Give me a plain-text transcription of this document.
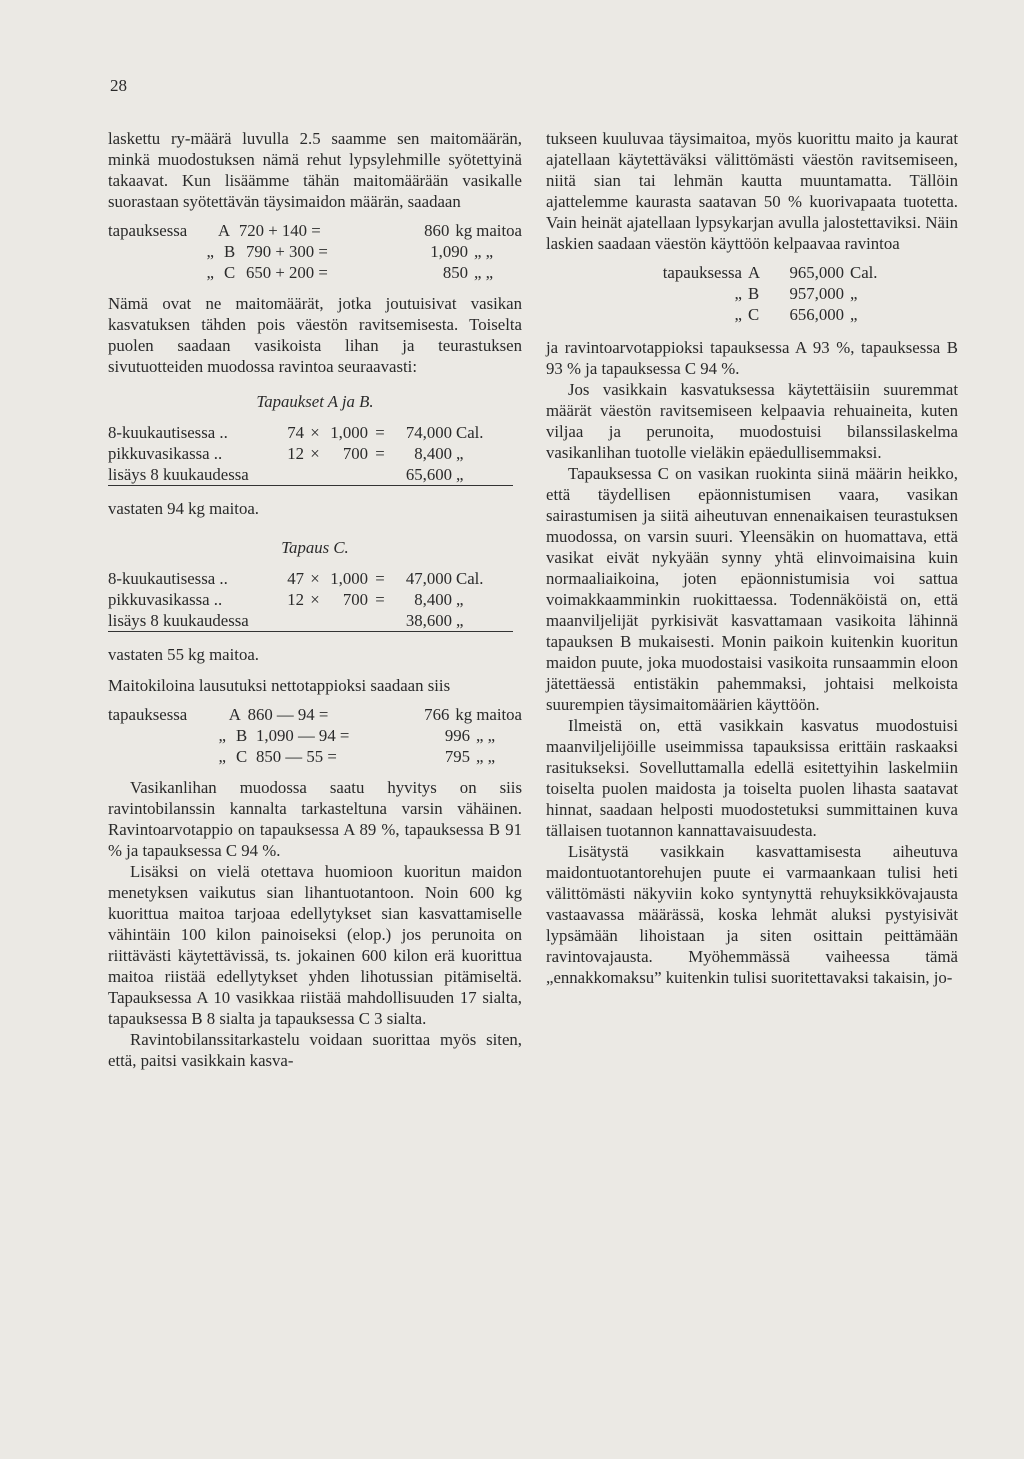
28

laskettu ry-määrä luvulla 2.5 saamme sen maitomäärän, minkä muodostuksen nämä rehut lypsylehmille syötettyinä takaavat. Kun lisäämme tähän maitomäärään vasikalle suorastaan syötettävän täysimaidon määrän, saadaan

tapauksessa	A 720 + 140 =	860 kg maitoa
„ B 790 + 300 =	1,090 „ „
„ C 650 + 200 =	850 „ „

Nämä ovat ne maitomäärät, jotka joutuisivat vasikan kasvatuksen tähden pois väestön ravitsemisesta. Toiselta puolen saadaan vasikoista lihan ja teurastuksen sivutuotteiden muodossa ravintoa seuraavasti:

Tapaukset A ja B.
8-kuukautisessa ..	74	×	1,000	=	74,000	Cal.
pikkuvasikassa ..	12	×	700	=	8,400	„
lisäys 8 kuukaudessa					65,600	„
vastaten 94 kg maitoa.						
Tapaus C.
8-kuukautisessa ..	47	×	1,000	=	47,000	Cal.
pikkuvasikassa ..	12	×	700	=	8,400	„
lisäys 8 kuukaudessa					38,600	„
vastaten 55 kg maitoa.						

Maitokiloina lausutuksi nettotappioksi saadaan siis

tapauksessa	A 860 — 94 =	766 kg maitoa
„ B 1,090 — 94 =	996 „ „
„ C 850 — 55 =	795 „ „

Vasikanlihan muodossa saatu hyvitys on siis ravintobilanssin kannalta tarkasteltuna varsin vähäinen. Ravintoarvotappio on tapauksessa A 89 %, tapauksessa B 91 % ja tapauksessa C 94 %.

Lisäksi on vielä otettava huomioon kuoritun maidon menetyksen vaikutus sian lihantuotantoon. Noin 600 kg kuorittua maitoa tarjoaa edellytykset sian kasvattamiselle vähintäin 100 kilon painoiseksi (elop.) jos perunoita on riittävästi käytettävissä, ts. jokainen 600 kilon erä kuorittua maitoa riistää edellytykset yhden lihotussian pitämiseltä. Tapauksessa A 10 vasikkaa riistää mahdollisuuden 17 sialta, tapauksessa B 8 sialta ja tapauksessa C 3 sialta.

Ravintobilanssitarkastelu voidaan suorittaa myös siten, että, paitsi vasikkain kasva-

tukseen kuuluvaa täysimaitoa, myös kuorittu maito ja kaurat ajatellaan käytettäväksi välittömästi väestön ravitsemiseen, niitä sian tai lehmän kautta muuntamatta. Tällöin ajattelemme kaurasta saatavan 50 % kuorivapaata tuotetta. Vain heinät ajatellaan lypsykarjan avulla jalostettaviksi. Näin laskien saadaan väestön käyttöön kelpaavaa ravintoa

tapauksessa A	965,000 Cal.
„ B	957,000 „
„ C	656,000 „

ja ravintoarvotappioksi tapauksessa A 93 %, tapauksessa B 93 % ja tapauksessa C 94 %.

Jos vasikkain kasvatuksessa käytettäisiin suuremmat määrät väestön ravitsemiseen kelpaavia rehuaineita, kuten viljaa ja perunoita, muodostuisi bilanssilaskelma vasikanlihan tuotolle vieläkin epäedullisemmaksi.

Tapauksessa C on vasikan ruokinta siinä määrin heikko, että täydellisen epäonnistumisen vaara, vasikan sairastumisen ja siitä aiheutuvan ennenaikaisen teurastuksen muodossa, on varsin suuri. Yleensäkin on huomattava, että vasikat eivät nykyään synny yhtä elinvoimaisina kuin normaaliaikoina, joten epäonnistumisia voi sattua voimakkaamminkin ruokittaessa. Todennäköistä on, että maanviljelijät pyrkisivät kasvattamaan vasikoita lähinnä tapauksen B mukaisesti. Monin paikoin kuitenkin kuoritun maidon puute, joka muodostaisi vasikoita runsaammin eloon jätettäessä entistäkin pahemmaksi, johtaisi melkoista suurempien täysimaitomäärien käyttöön.

Ilmeistä on, että vasikkain kasvatus muodostuisi maanviljelijöille useimmissa tapauksissa erittäin raskaaksi rasitukseksi. Sovelluttamalla edellä esitettyihin laskelmiin toiselta puolen maidosta ja toiselta puolen lihasta saatavat hinnat, saadaan helposti muodostetuksi summittainen kuva tällaisen tuotannon kannattavaisuudesta.

Lisätystä vasikkain kasvattamisesta aiheutuva maidontuotantorehujen puute ei varmaankaan tulisi heti välittömästi näkyviin koko syntynyttä rehuyksikkövajausta vastaavassa määrässä, koska lehmät aluksi pystyisivät lypsämään lihoistaan ja siten osittain peittämään ravintovajausta. Myöhemmässä vaiheessa tämä „ennakkomaksu” kuitenkin tulisi suoritettavaksi takaisin, jo-
